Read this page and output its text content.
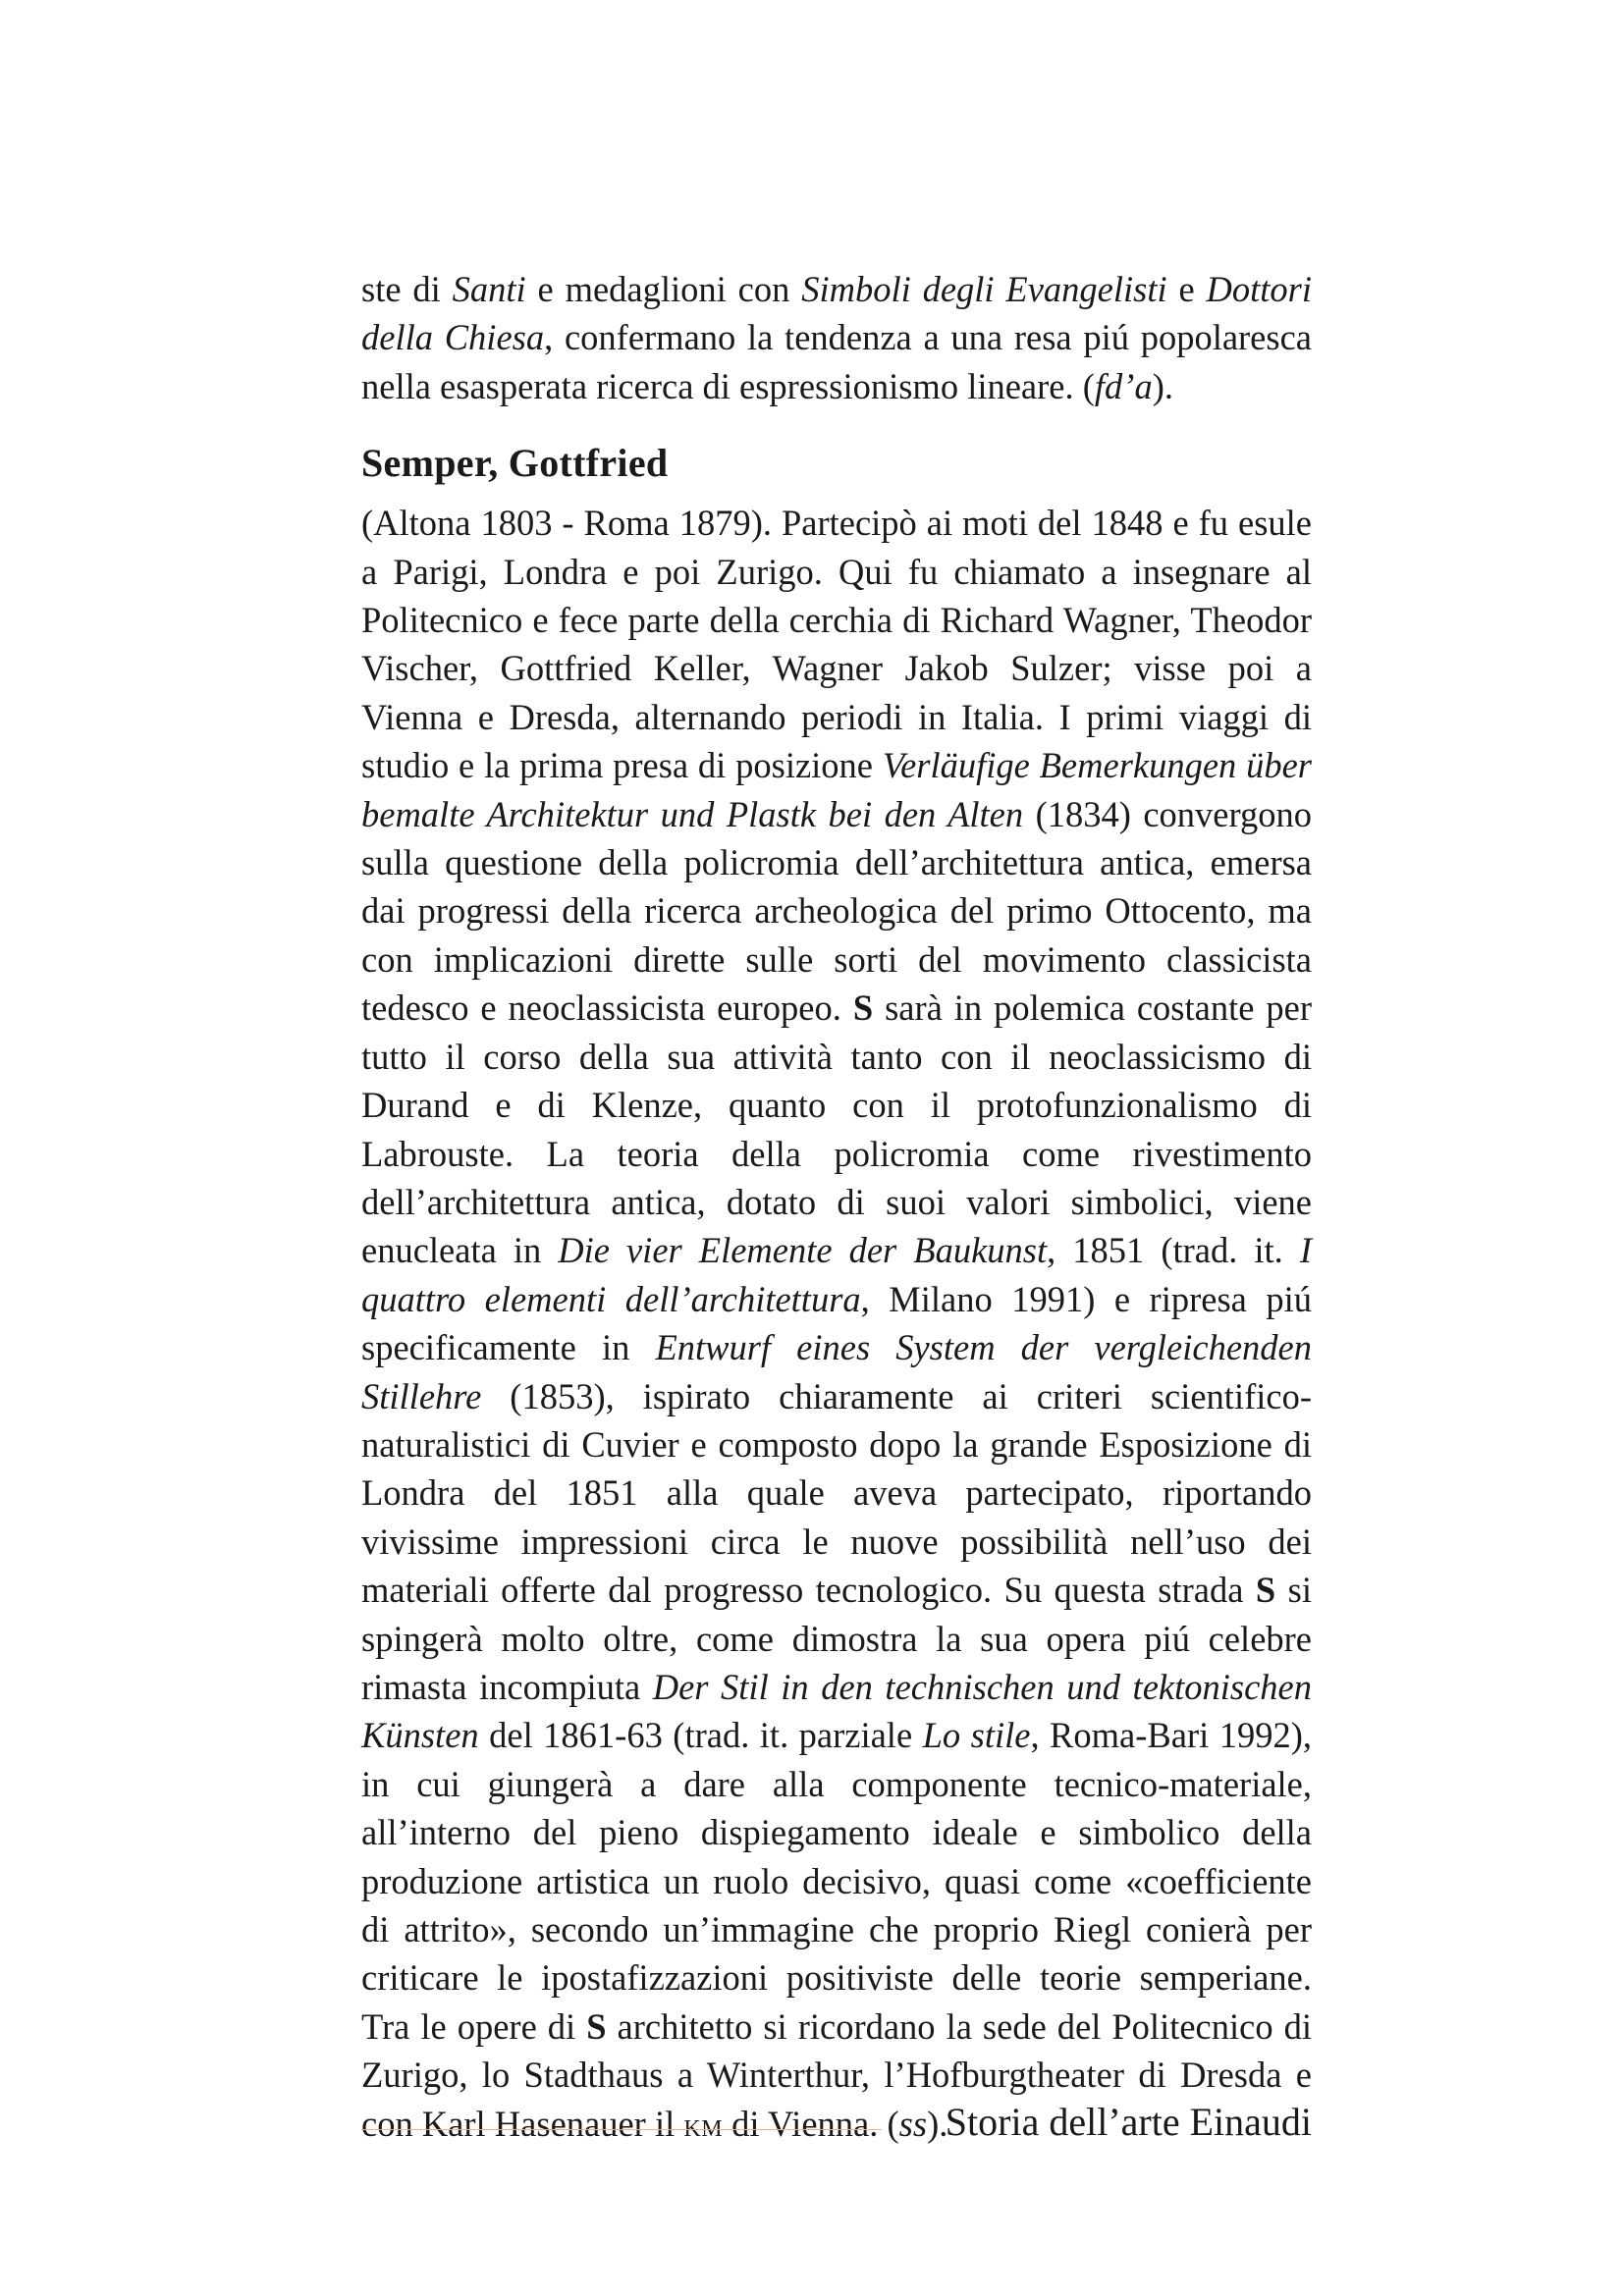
ste di Santi e medaglioni con Simboli degli Evangelisti e Dottori della Chiesa, confermano la tendenza a una resa piú popolaresca nella esasperata ricerca di espressionismo lineare. (fd’a).

Semper, Gottfried

(Altona 1803 - Roma 1879). Partecipò ai moti del 1848 e fu esule a Parigi, Londra e poi Zurigo. Qui fu chiamato a insegnare al Politecnico e fece parte della cerchia di Richard Wagner, Theodor Vischer, Gottfried Keller, Wagner Jakob Sulzer; visse poi a Vienna e Dresda, alternando periodi in Italia. I primi viaggi di studio e la prima presa di posizione Verläufige Bemerkungen über bemalte Architektur und Plastk bei den Alten (1834) convergono sulla questione della policromia dell’architettura antica, emersa dai progressi della ricerca archeologica del primo Ottocento, ma con implicazioni dirette sulle sorti del movimento classicista tedesco e neoclassicista europeo. S sarà in polemica costante per tutto il corso della sua attività tanto con il neoclassicismo di Durand e di Klenze, quanto con il protofunzionalismo di Labrouste. La teoria della policromia come rivestimento dell’architettura antica, dotato di suoi valori simbolici, viene enucleata in Die vier Elemente der Baukunst, 1851 (trad. it. I quattro elementi dell’architettura, Milano 1991) e ripresa piú specificamente in Entwurf eines System der vergleichenden Stillehre (1853), ispirato chiaramente ai criteri scientifico-naturalistici di Cuvier e composto dopo la grande Esposizione di Londra del 1851 alla quale aveva partecipato, riportando vivissime impressioni circa le nuove possibilità nell’uso dei materiali offerte dal progresso tecnologico. Su questa strada S si spingerà molto oltre, come dimostra la sua opera piú celebre rimasta incompiuta Der Stil in den technischen und tektonischen Künsten del 1861-63 (trad. it. parziale Lo stile, Roma-Bari 1992), in cui giungerà a dare alla componente tecnico-materiale, all’interno del pieno dispiegamento ideale e simbolico della produzione artistica un ruolo decisivo, quasi come «coefficiente di attrito», secondo un’immagine che proprio Riegl conierà per criticare le ipostafizzazioni positiviste delle teorie semperiane. Tra le opere di S architetto si ricordano la sede del Politecnico di Zurigo, lo Stadthaus a Winterthur, l’Hofburgtheater di Dresda e con Karl Hasenauer il km di Vienna. (ss).

Storia dell’arte Einaudi
